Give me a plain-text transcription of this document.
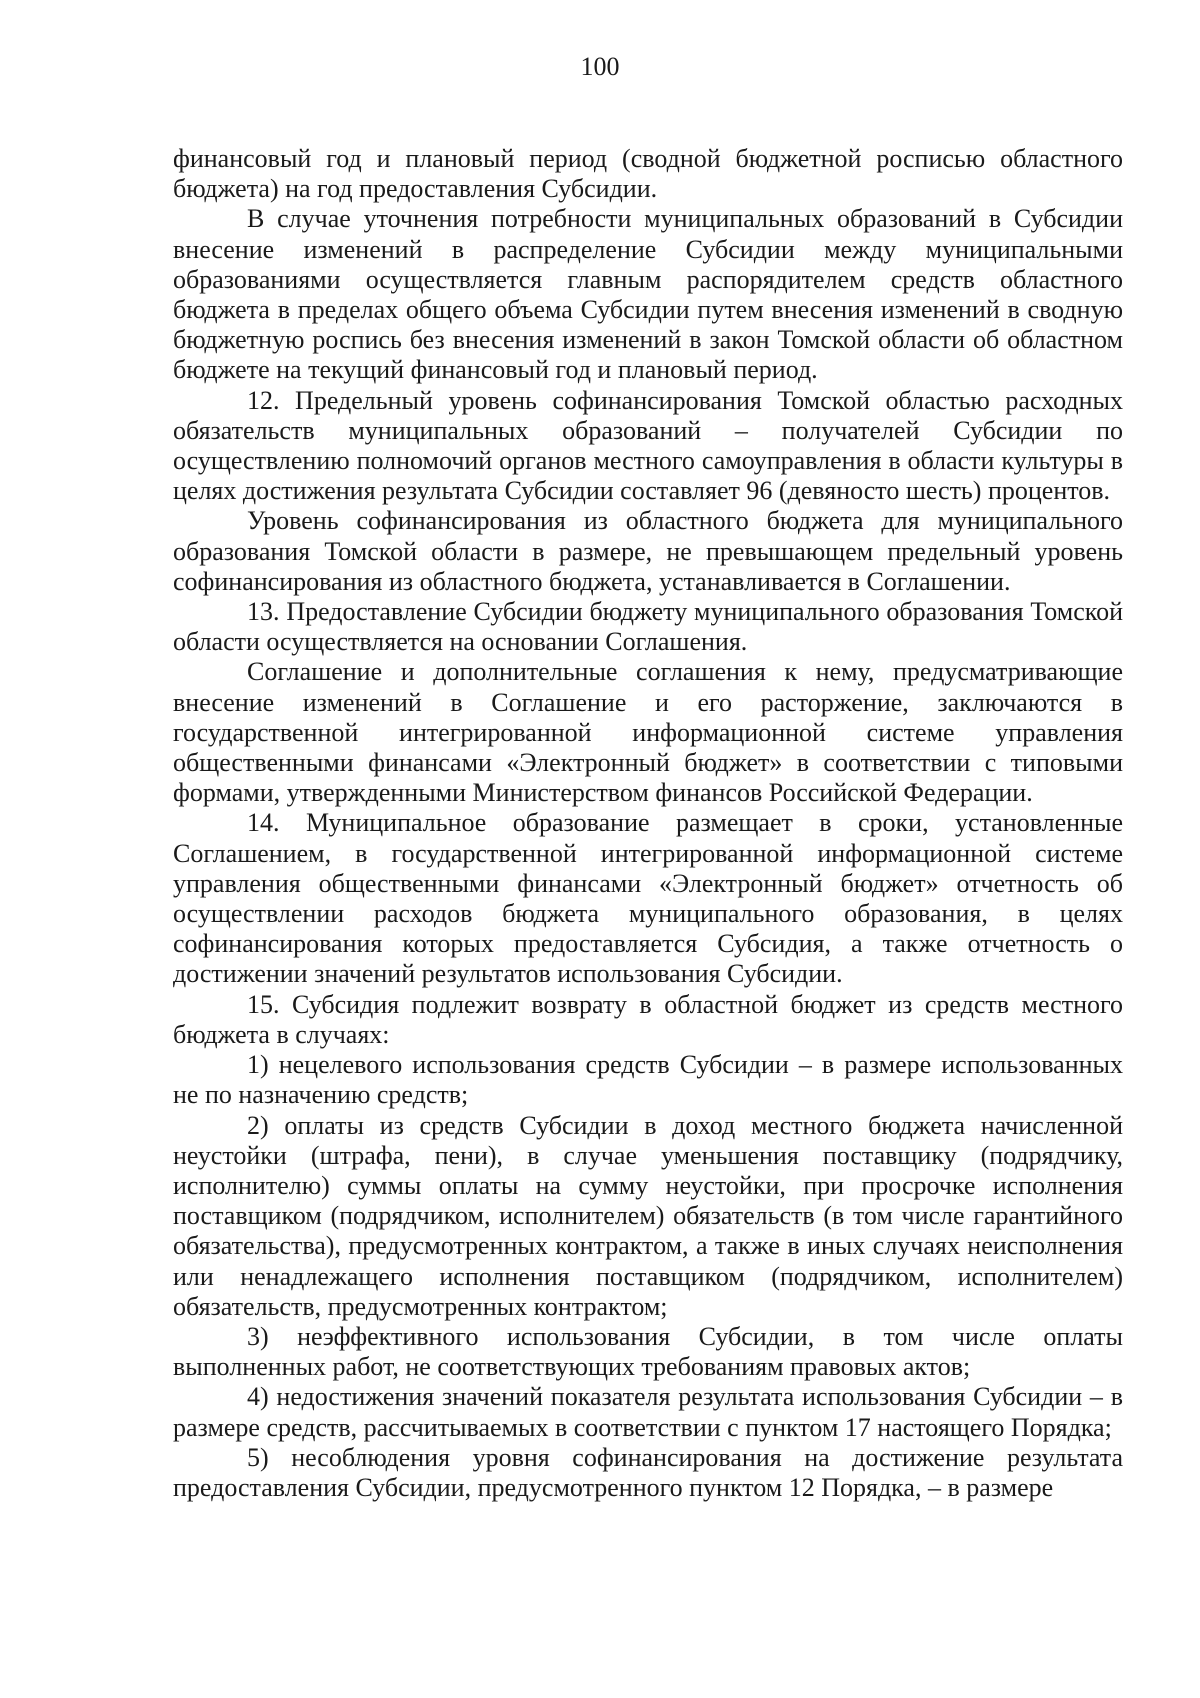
100

финансовый год и плановый период (сводной бюджетной росписью областного бюджета) на год предоставления Субсидии.

В случае уточнения потребности муниципальных образований в Субсидии внесение изменений в распределение Субсидии между муниципальными образованиями осуществляется главным распорядителем средств областного бюджета в пределах общего объема Субсидии путем внесения изменений в сводную бюджетную роспись без внесения изменений в закон Томской области об областном бюджете на текущий финансовый год и плановый период.

12. Предельный уровень софинансирования Томской областью расходных обязательств муниципальных образований – получателей Субсидии по осуществлению полномочий органов местного самоуправления в области культуры в целях достижения результата Субсидии составляет 96 (девяносто шесть) процентов.

Уровень софинансирования из областного бюджета для муниципального образования Томской области в размере, не превышающем предельный уровень софинансирования из областного бюджета, устанавливается в Соглашении.

13. Предоставление Субсидии бюджету муниципального образования Томской области осуществляется на основании Соглашения.

Соглашение и дополнительные соглашения к нему, предусматривающие внесение изменений в Соглашение и его расторжение, заключаются в государственной интегрированной информационной системе управления общественными финансами «Электронный бюджет» в соответствии с типовыми формами, утвержденными Министерством финансов Российской Федерации.

14. Муниципальное образование размещает в сроки, установленные Соглашением, в государственной интегрированной информационной системе управления общественными финансами «Электронный бюджет» отчетность об осуществлении расходов бюджета муниципального образования, в целях софинансирования которых предоставляется Субсидия, а также отчетность о достижении значений результатов использования Субсидии.

15. Субсидия подлежит возврату в областной бюджет из средств местного бюджета в случаях:

1) нецелевого использования средств Субсидии – в размере использованных не по назначению средств;

2) оплаты из средств Субсидии в доход местного бюджета начисленной неустойки (штрафа, пени), в случае уменьшения поставщику (подрядчику, исполнителю) суммы оплаты на сумму неустойки, при просрочке исполнения поставщиком (подрядчиком, исполнителем) обязательств (в том числе гарантийного обязательства), предусмотренных контрактом, а также в иных случаях неисполнения или ненадлежащего исполнения поставщиком (подрядчиком, исполнителем) обязательств, предусмотренных контрактом;

3) неэффективного использования Субсидии, в том числе оплаты выполненных работ, не соответствующих требованиям правовых актов;

4) недостижения значений показателя результата использования Субсидии – в размере средств, рассчитываемых в соответствии с пунктом 17 настоящего Порядка;

5) несоблюдения уровня софинансирования на достижение результата предоставления Субсидии, предусмотренного пунктом 12 Порядка, – в размере
